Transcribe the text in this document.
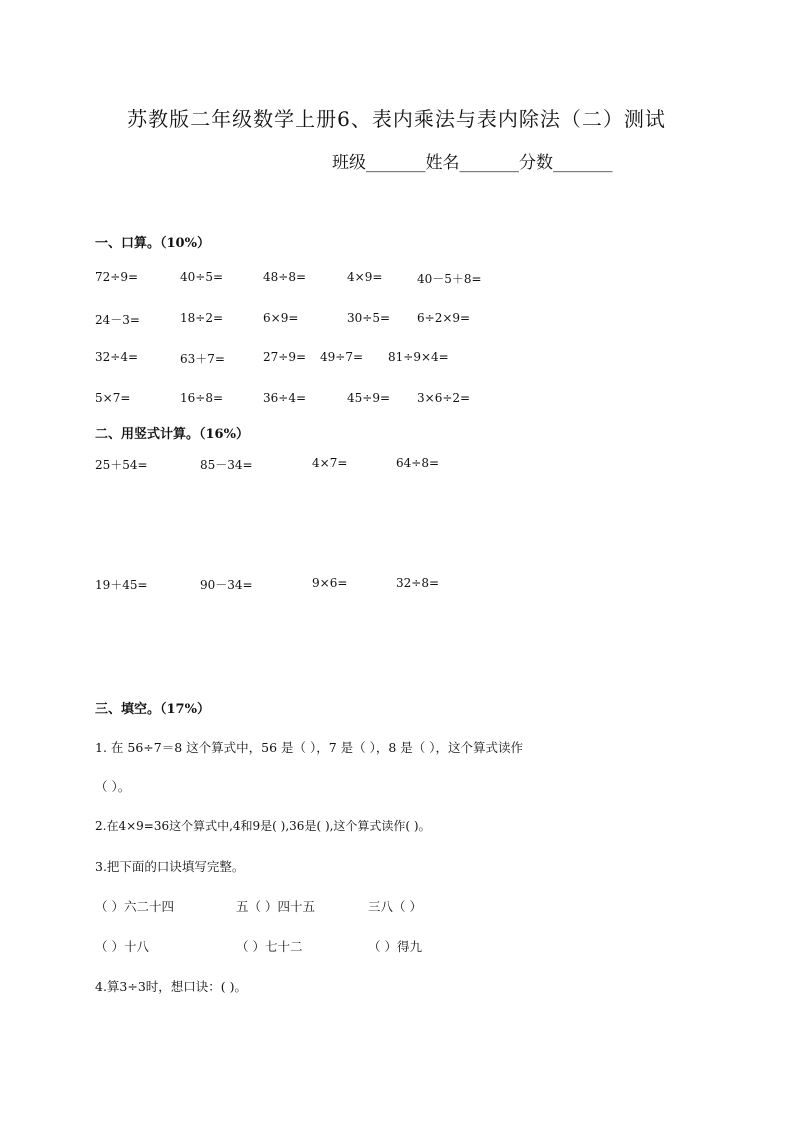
苏教版二年级数学上册6、表内乘法与表内除法（二）测试
班级_______姓名_______分数_______
一、口算。（10%）
72÷9=	40÷5=	48÷8=	4×9=	40－5＋8=
24－3=	18÷2=	6×9=	30÷5= 6÷2×9=
32÷4=	63＋7=	27÷9= 49÷7= 81÷9×4=
5×7=	16÷8=	36÷4=	45÷9= 3×6÷2=
二、用竖式计算。（16%）
25＋54=	85－34=	4×7=	64÷8=
19＋45=	90－34=	9×6=	32÷8=
三、填空。（17%）
1. 在 56÷7＝8 这个算式中，56 是（ ），7 是（ ），8 是（ ），这个算式读作
（ ）。
2.在4×9=36这个算式中,4和9是( ),36是( ),这个算式读作( )。
3.把下面的口诀填写完整。
（ ）六二十四	五（ ）四十五	三八（ ）
（ ）十八	（ ）七十二	（ ）得九
4.算3÷3时，想口诀：( )。
